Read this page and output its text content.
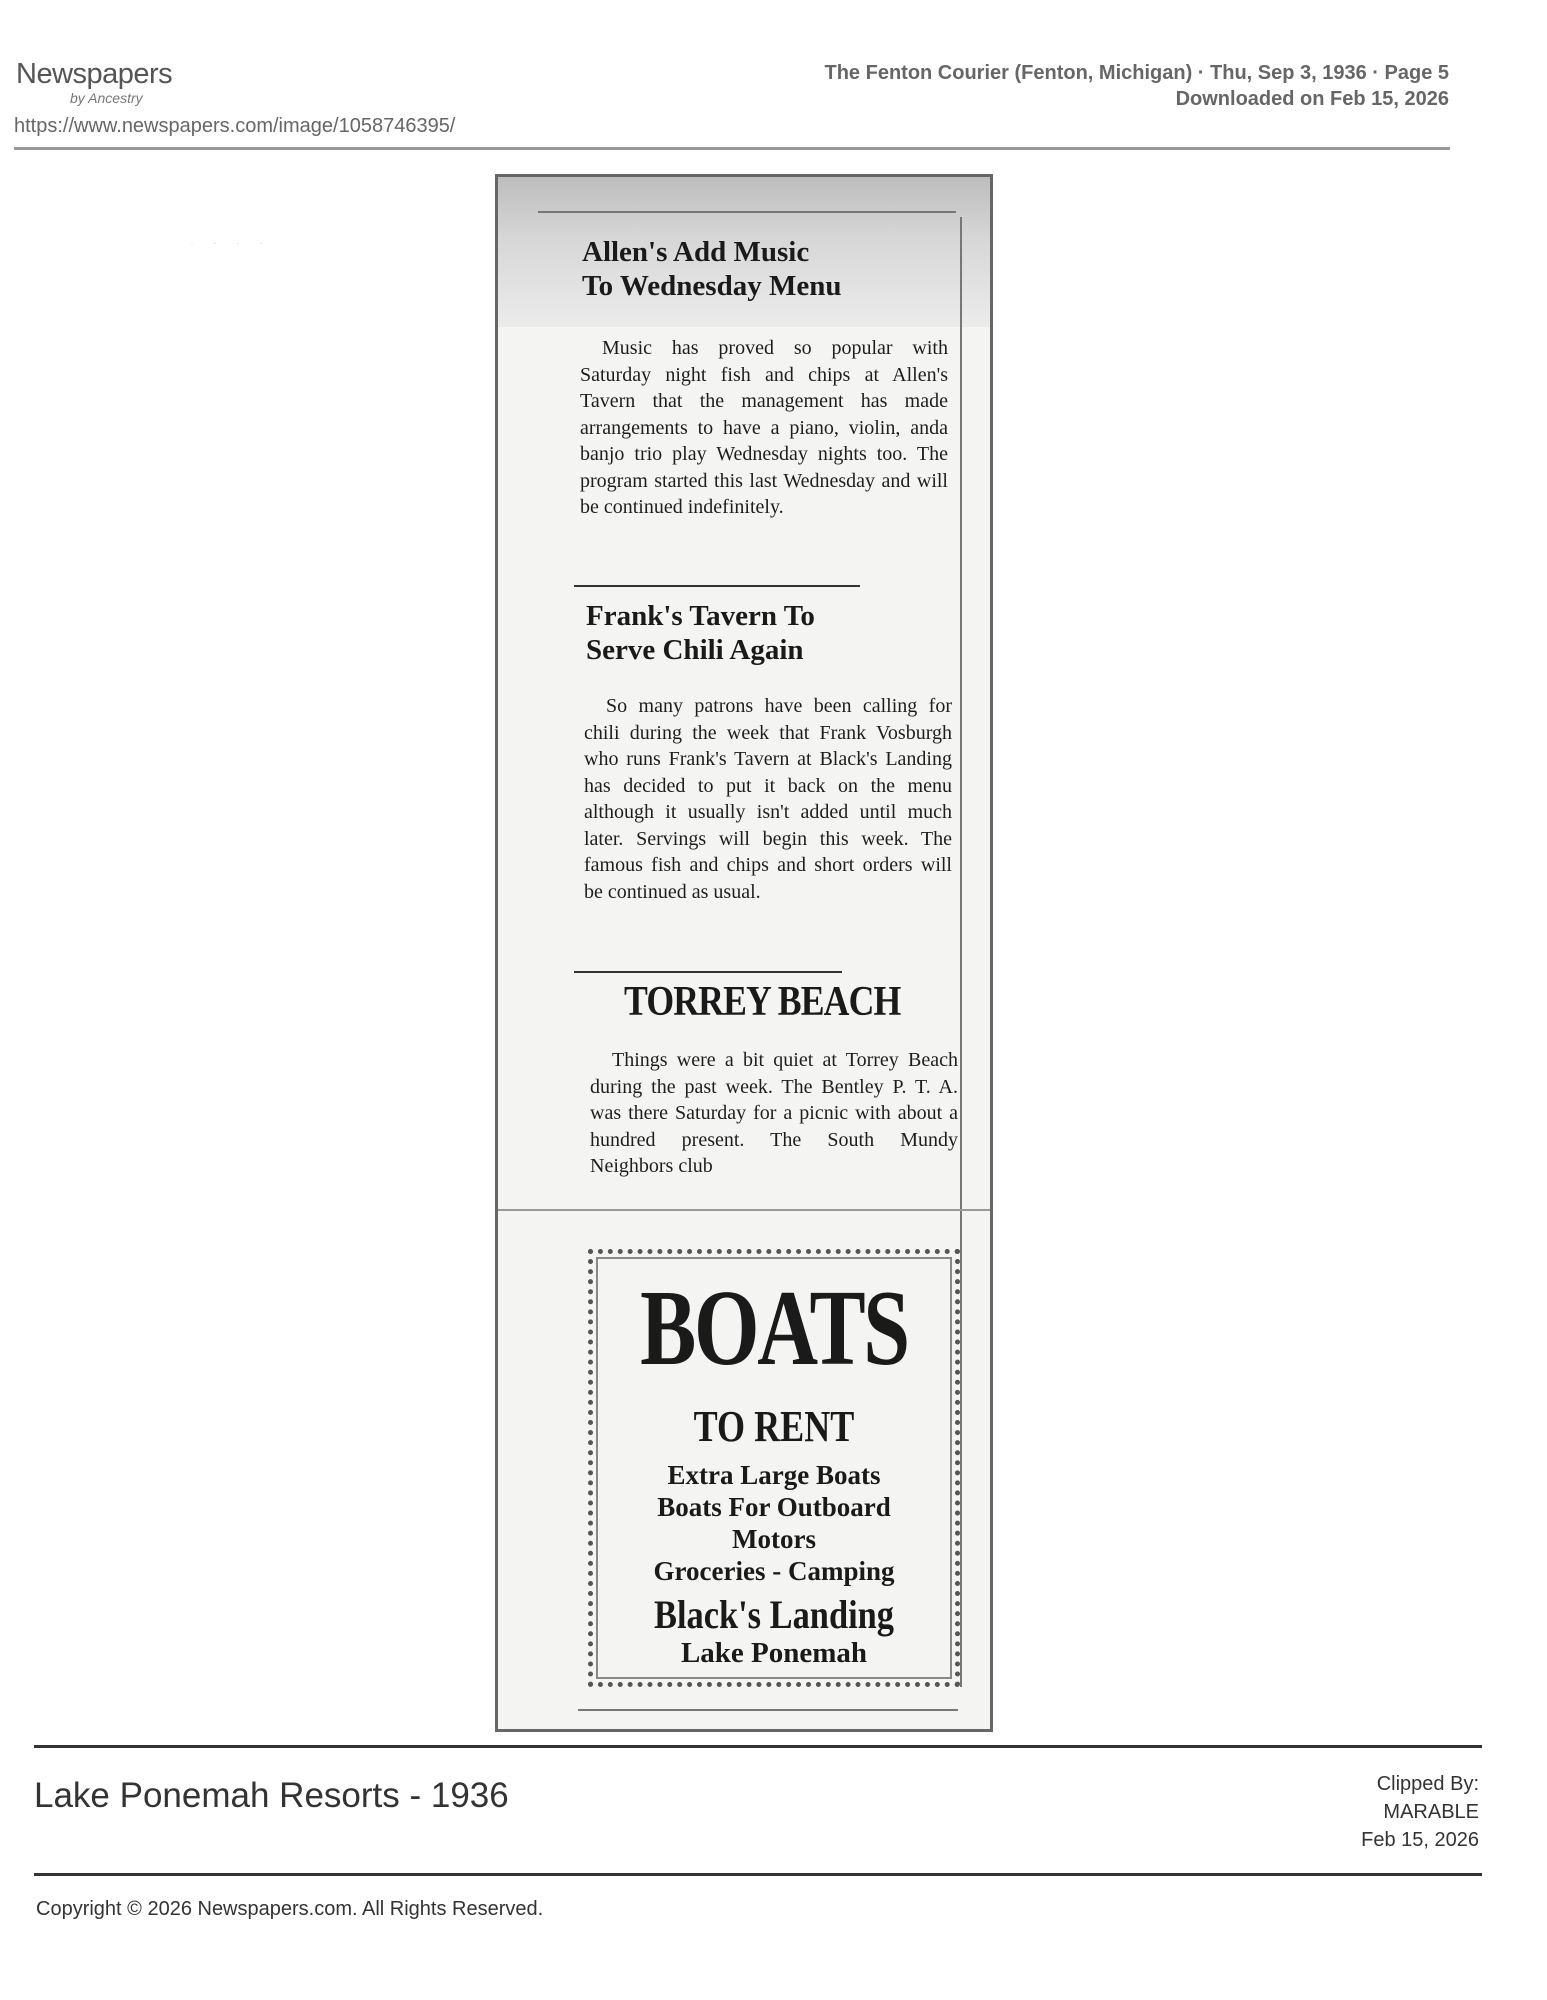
Newspapers
by Ancestry
https://www.newspapers.com/image/1058746395/
The Fenton Courier (Fenton, Michigan) · Thu, Sep 3, 1936 · Page 5
Downloaded on Feb 15, 2026
· · · ·	Allen's Add Music
To Wednesday Menu

Music has proved so popular with Saturday night fish and chips at Allen's Tavern that the management has made arrangements to have a piano, violin, anda banjo trio play Wednesday nights too. The program started this last Wednesday and will be continued indefinitely.

Frank's Tavern To
Serve Chili Again

So many patrons have been calling for chili during the week that Frank Vosburgh who runs Frank's Tavern at Black's Landing has decided to put it back on the menu although it usually isn't added until much later. Servings will begin this week. The famous fish and chips and short orders will be continued as usual.

TORREY BEACH

Things were a bit quiet at Torrey Beach during the past week. The Bentley P. T. A. was there Saturday for a picnic with about a hundred present. The South Mundy Neighbors club

BOATS
TO RENT
Extra Large Boats
Boats For Outboard
Motors
Groceries - Camping
Black's Landing
Lake Ponemah
Lake Ponemah Resorts - 1936	Clipped By:
MARABLE
Feb 15, 2026
Copyright © 2026 Newspapers.com. All Rights Reserved.
